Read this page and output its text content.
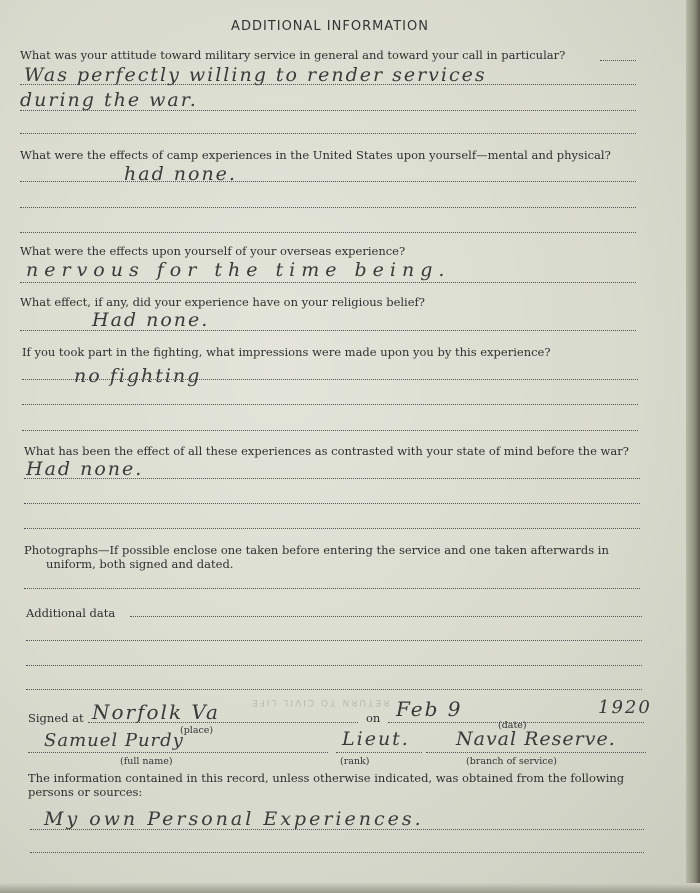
ADDITIONAL INFORMATION
What was your attitude toward military service in general and toward your call in particular?
Was perfectly willing to render services
during the war.
What were the effects of camp experiences in the United States upon yourself—mental and physical?
had none.
What were the effects upon yourself of your overseas experience?
nervous for the time being.
What effect, if any, did your experience have on your religious belief?
Had none.
If you took part in the fighting, what impressions were made upon you by this experience?
no fighting
What has been the effect of all these experiences as contrasted with your state of mind before the war?
Had none.
Photographs—If possible enclose one taken before entering the service and one taken afterwards in
uniform, both signed and dated.
Additional data
RETURN TO CIVIL LIFE
Signed at Norfolk Va
(place)
on Feb 9	1920
(date)
Samuel Purdy
(full name)
Lieut.
(rank)
Naval Reserve.
(branch of service)
The information contained in this record, unless otherwise indicated, was obtained from the following
persons or sources:
My own Personal Experiences.
